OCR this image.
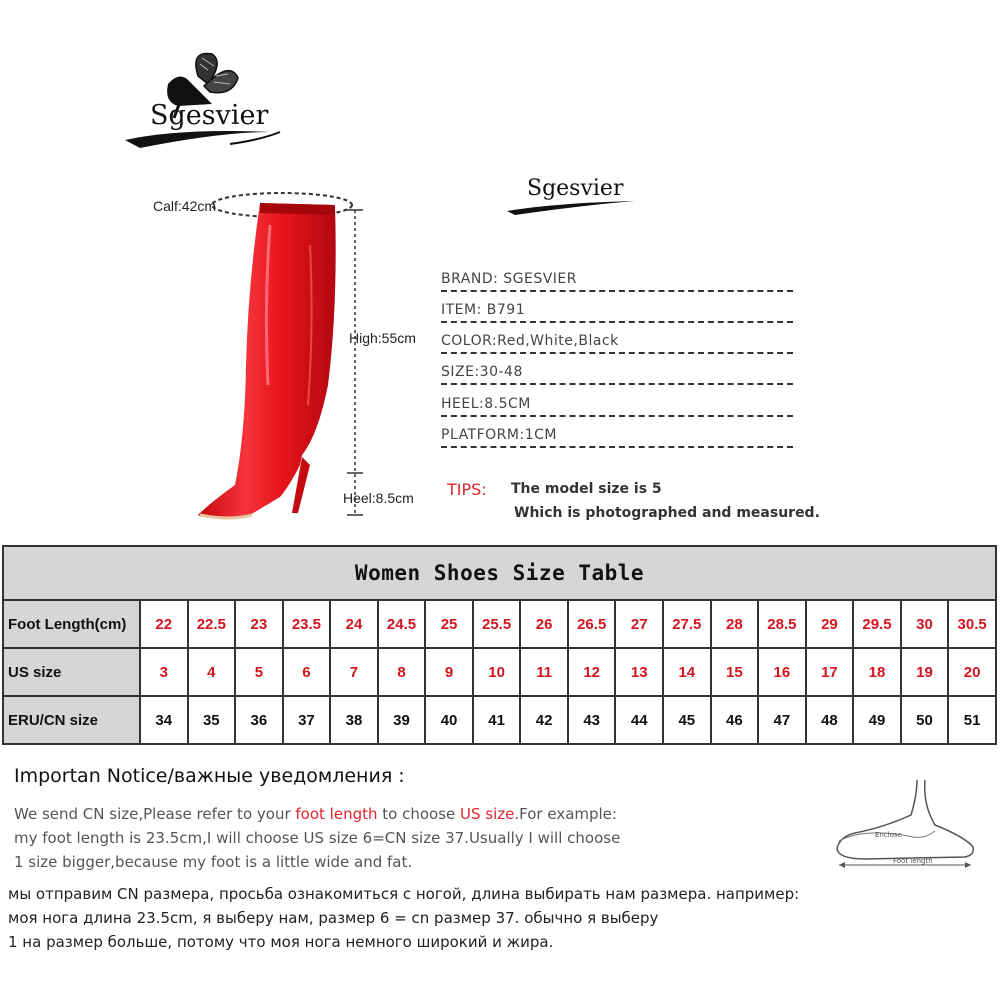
Sgesvier
Sgesvier
Calf:42cm
High:55cm
Heel:8.5cm
BRAND: SGESVIER
ITEM: B791
COLOR:Red,White,Black
SIZE:30-48
HEEL:8.5CM
PLATFORM:1CM
TIPS: The model size is 5
Which is photographed and measured.
Women Shoes Size Table																		
Foot Length(cm)	22	22.5	23	23.5	24	24.5	25	25.5	26	26.5	27	27.5	28	28.5	29	29.5	30	30.5
US size	3	4	5	6	7	8	9	10	11	12	13	14	15	16	17	18	19	20
ERU/CN size	34	35	36	37	38	39	40	41	42	43	44	45	46	47	48	49	50	51
Importan Notice/важные уведомления :
We send CN size,Please refer to your foot length to choose US size.For example:
my foot length is 23.5cm,I will choose US size 6=CN size 37.Usually I will choose
1 size bigger,because my foot is a little wide and fat.
мы отправим CN размера, просьба ознакомиться с ногой, длина выбирать нам размера. например:
моя нога длина 23.5cm, я выберу нам, размер 6 = cn размер 37. обычно я выберу
1 на размер больше, потому что моя нога немного широкий и жира.
Enclose
Foot length
